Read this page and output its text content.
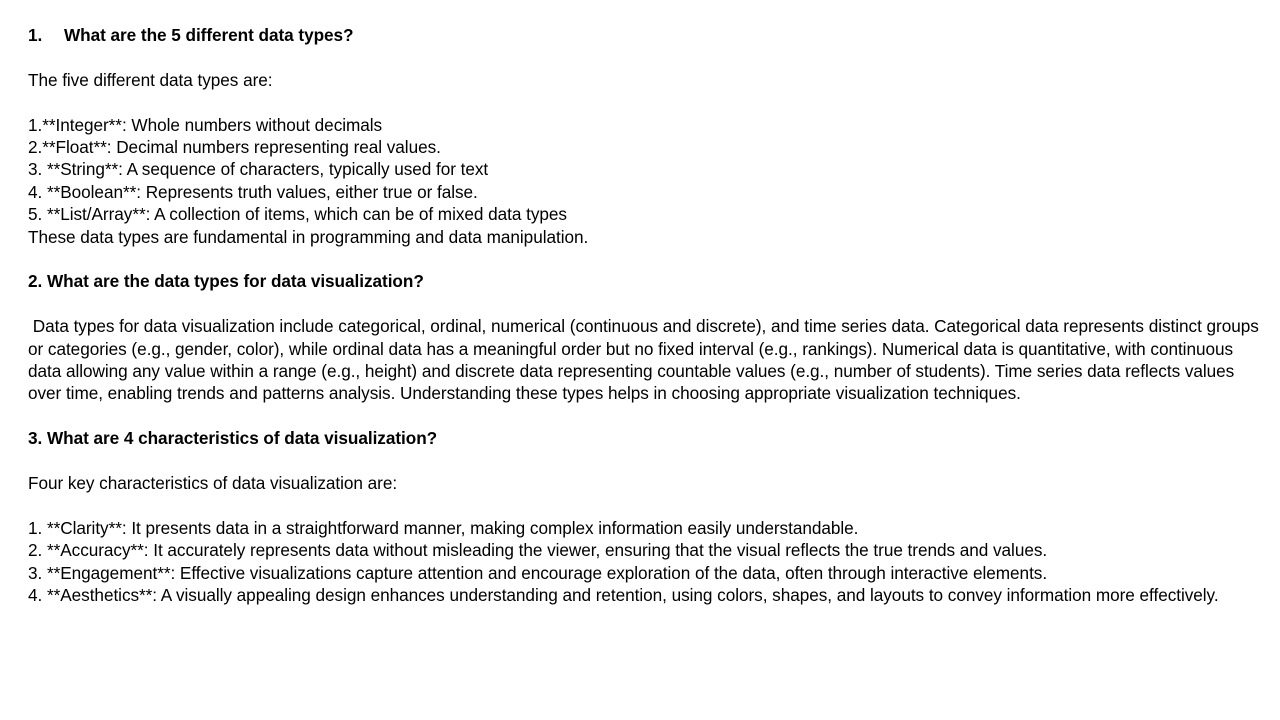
1. What are the 5 different data types?

The five different data types are:

1.**Integer**: Whole numbers without decimals
2.**Float**: Decimal numbers representing real values.
3. **String**: A sequence of characters, typically used for text
4. **Boolean**: Represents truth values, either true or false.
5. **List/Array**: A collection of items, which can be of mixed data types

These data types are fundamental in programming and data manipulation.

2. What are the data types for data visualization?

Data types for data visualization include categorical, ordinal, numerical (continuous and discrete), and time series data. Categorical data represents distinct groups or categories (e.g., gender, color), while ordinal data has a meaningful order but no fixed interval (e.g., rankings). Numerical data is quantitative, with continuous data allowing any value within a range (e.g., height) and discrete data representing countable values (e.g., number of students). Time series data reflects values over time, enabling trends and patterns analysis. Understanding these types helps in choosing appropriate visualization techniques.

3. What are 4 characteristics of data visualization?

Four key characteristics of data visualization are:

1. **Clarity**: It presents data in a straightforward manner, making complex information easily understandable.

2. **Accuracy**: It accurately represents data without misleading the viewer, ensuring that the visual reflects the true trends and values.

3. **Engagement**: Effective visualizations capture attention and encourage exploration of the data, often through interactive elements.

4. **Aesthetics**: A visually appealing design enhances understanding and retention, using colors, shapes, and layouts to convey information more effectively.
